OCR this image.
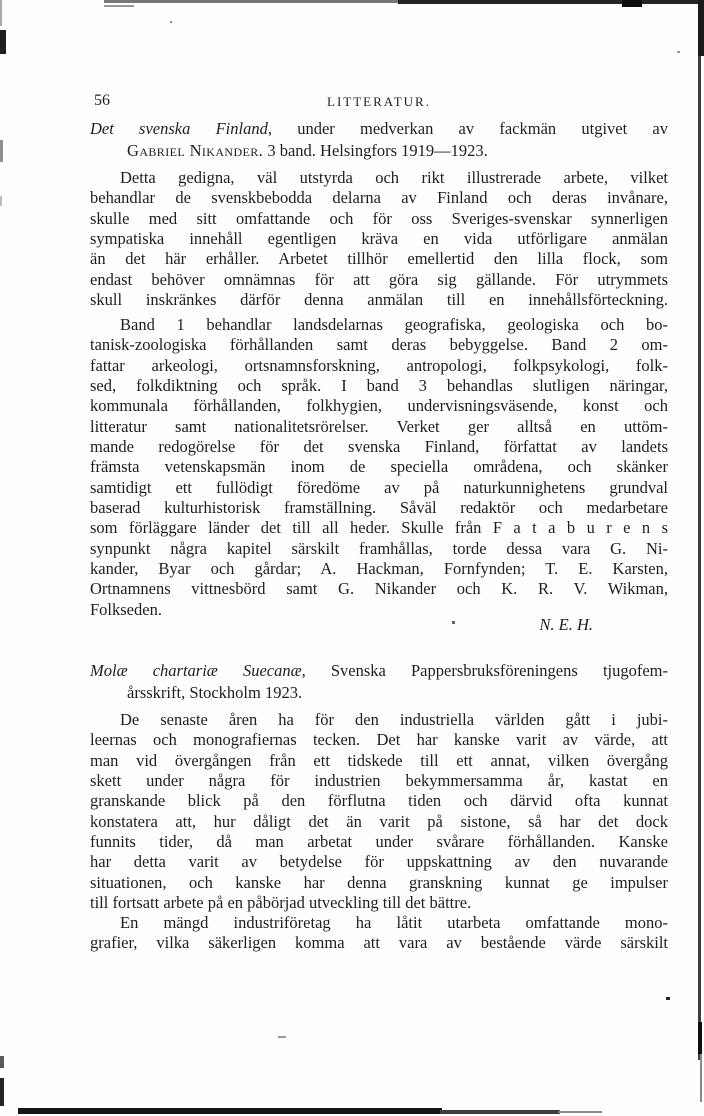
56	LITTERATUR.
Det svenska Finland, under medverkan av fackmän utgivet av
Gabriel Nikander. 3 band. Helsingfors 1919—1923.
Detta gedigna, väl utstyrda och rikt illustrerade arbete, vilket
behandlar de svenskbebodda delarna av Finland och deras invånare,
skulle med sitt omfattande och för oss Sveriges-svenskar synnerligen
sympatiska innehåll egentligen kräva en vida utförligare anmälan
än det här erhåller. Arbetet tillhör emellertid den lilla flock, som
endast behöver omnämnas för att göra sig gällande. För utrymmets
skull inskränkes därför denna anmälan till en innehållsförteckning.
Band 1 behandlar landsdelarnas geografiska, geologiska och bo-
tanisk-zoologiska förhållanden samt deras bebyggelse. Band 2 om-
fattar arkeologi, ortsnamnsforskning, antropologi, folkpsykologi, folk-
sed, folkdiktning och språk. I band 3 behandlas slutligen näringar,
kommunala förhållanden, folkhygien, undervisningsväsende, konst och
litteratur samt nationalitetsrörelser. Verket ger alltså en uttöm-
mande redogörelse för det svenska Finland, författat av landets
främsta vetenskapsmän inom de speciella områdena, och skänker
samtidigt ett fullödigt föredöme av på naturkunnighetens grundval
baserad kulturhistorisk framställning. Såväl redaktör och medarbetare
som förläggare länder det till all heder. Skulle från F a t a b u r e n s
synpunkt några kapitel särskilt framhållas, torde dessa vara G. Ni-
kander, Byar och gårdar; A. Hackman, Fornfynden; T. E. Karsten,
Ortnamnens vittnesbörd samt G. Nikander och K. R. V. Wikman,
Folkseden.
N. E. H.
Molæ chartariæ Suecanæ, Svenska Pappersbruksföreningens tjugofem-
årsskrift, Stockholm 1923.
De senaste åren ha för den industriella världen gått i jubi-
leernas och monografiernas tecken. Det har kanske varit av värde, att
man vid övergången från ett tidskede till ett annat, vilken övergång
skett under några för industrien bekymmersamma år, kastat en
granskande blick på den förflutna tiden och därvid ofta kunnat
konstatera att, hur dåligt det än varit på sistone, så har det dock
funnits tider, då man arbetat under svårare förhållanden. Kanske
har detta varit av betydelse för uppskattning av den nuvarande
situationen, och kanske har denna granskning kunnat ge impulser
till fortsatt arbete på en påbörjad utveckling till det bättre.
En mängd industriföretag ha låtit utarbeta omfattande mono-
grafier, vilka säkerligen komma att vara av bestående värde särskilt
